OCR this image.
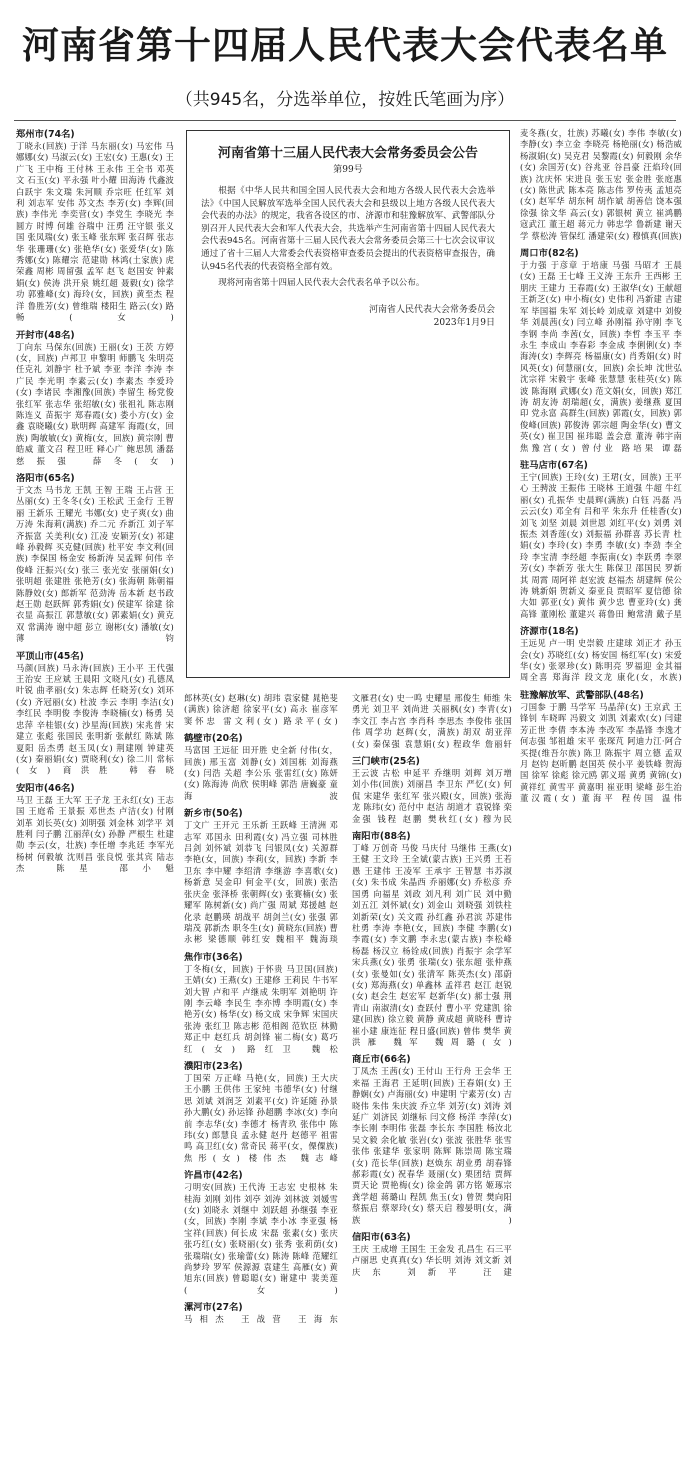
河南省第十四届人民代表大会代表名单
（共945名，分选举单位，按姓氏笔画为序）
郑州市(74名)
丁晓永(回族) 于洋 马东丽(女) 马宏伟 马娜娜(女) 马淑云(女) 王宏(女) 王惠(女) 王广飞 王中梅 王付林 王永伟 王全书 邓英文 石玉(女) 平永强 叶小耀 田海涛 代鑫波 白跃宇 朱文瑞 朱河顺 乔宗旺 任红军 刘利 刘志军 安伟 苏文杰 李芳(女) 李辉(回族) 李伟光 李奕营(女) 李党生 李晓光 李圆方 时博 何雄 谷瑞中 汪勇 汪守银 张义国 张凤瑞(女) 张玉峰 张东辉 张召辉 张志华 张珊珊(女) 张艳华(女) 张爱华(女) 陈秀娜(女) 陈耀宗 范建勋 林鸿(土家族) 虎荣鑫 周彬 周留强 孟军 赵飞 赵国安 钟素娟(女) 侯涛 洪开泉 姚红超 聂毅(女) 徐学功 郭雅峰(女) 海玲(女，回族) 黄至杰 程洋 鲁胜芳(女) 曾维瑞 楼阳生 路云(女) 路畅(女)
开封市(48名)
丁向东 马保东(回族) 王丽(女) 王茨 方婷(女，回族) 卢邦卫 申黎明 师鹏飞 朱明亮 任克礼 刘静宇 杜予斌 李亚 李洋 李涛 李广民 李光明 李素云(女) 李素杰 李爱玲(女) 李诸民 李湘豫(回族) 李留生 杨党俊 张红军 张志华 张绍敏(女) 张祖礼 陈志刚 陈连义 苗振宇 郑春霞(女) 娄小方(女) 金鑫 袁晓曦(女) 耿明辉 高建军 海霞(女，回族) 陶敏敏(女) 黄梅(女，回族) 黄宗刚 曹皓威 董文召 程卫旺 释心广 鲍思凯 潘磊 慈振强 薛冬(女)
洛阳市(65名)
于文杰 马书龙 王凯 王智 王瑞 王占营 王丛丽(女) 王冬冬(女) 王松武 王金行 王智丽 王新乐 王耀光 韦娜(女) 史子爽(女) 曲万涛 朱海莉(满族) 乔二元 乔新江 刘子军 齐振富 关美利(女) 江凌 安颖芳(女) 祁建峰 孙毅辉 买克健(回族) 杜平安 李文利(回族) 李保国 杨金安 杨新涛 吴孟辉 何伟 辛俊峰 汪振兴(女) 张三 张光安 张丽娟(女) 张明超 张建胜 张艳芳(女) 张海朝 陈朝福 陈静姣(女) 郎新军 范劲涛 岳本新 赵书政 赵王勋 赵跃辉 郭秀娟(女) 侯建军 徐建 徐衣显 高振江 郭慧敏(女) 郭素娟(女) 黄克双 常满涛 谢中超 彭立 谢彬(女) 潘敏(女) 薄钧
平顶山市(45名)
马颜(回族) 马永涛(回族) 王小平 王代强 王治安 王应斌 王晨阳 文晓凡(女) 孔德凤 叶锐 曲孝丽(女) 朱志辉 任晓芳(女) 刘环(女) 齐冠丽(女) 杜波 李云 李明 李洁(女) 李红民 李明俊 李俊涛 李晓楠(女) 杨勇 吴忠萍 辛桂银(女) 沙星海(回族) 宋兆普 宋建立 张彪 张国民 张明新 张献红 陈斌 陈夏阳 岳杰勇 赵玉凤(女) 荆建刚 钟建英(女) 秦丽娟(女) 贾晓利(女) 徐二川 常标(女) 商洪胜 韩春晓
安阳市(46名)
马卫 王磊 王大军 王子龙 王永红(女) 王志国 王庭希 王景振 邓世杰 卢洁(女) 付刚 刘革 刘长英(女) 刘明强 刘金林 刘学平 刘胜利 闫子鹏 江丽萍(女) 孙静 严根生 杜建勋 李云(女，壮族) 李任增 李兆廷 李军光 杨树 何毅敏 沈则昌 张良悦 张其宾 陆志杰 陈星 邵小魁
河南省第十三届人民代表大会常务委员会公告
第99号

根据《中华人民共和国全国人民代表大会和地方各级人民代表大会选举法》《中国人民解放军选举全国人民代表大会和县级以上地方各级人民代表大会代表的办法》的规定，我省各设区的市、济源市和驻豫解放军、武警部队分别召开人民代表大会和军人代表大会，共选举产生河南省第十四届人民代表大会代表945名。河南省第十三届人民代表大会常务委员会第三十七次会议审议通过了省十三届人大常委会代表资格审查委员会提出的代表资格审查报告，确认945名代表的代表资格全部有效。

现将河南省第十四届人民代表大会代表名单予以公布。

河南省人民代表大会常务委员会
2023年1月9日
郎林英(女) 赵琳(女) 胡玮 袁家健 晁艳斐(满族) 徐济超 徐家平(女) 高永 崔彦军 窦怀忠 雷文利(女) 路录平(女)
鹤壁市(20名)
马富国 王远征 田开胜 史全新 付伟(女，回族) 邢玉富 刘静(女) 刘国栋 刘海燕(女) 闫浩 关超 李公乐 张雷红(女) 陈妍(女) 陈海涛 尚欣 侯明峰 郭浩 唐巍豪 童海波
新乡市(50名)
丁文广 王开元 王乐新 王跃峰 王清洲 邓志军 邓国永 田利霞(女) 冯立强 司林胜 吕剑 刘怀斌 刘恭飞 闫银凤(女) 关源群 李艳(女，回族) 李莉(女，回族) 李新 李卫东 李中耀 李绍清 李继游 李喜歌(女) 杨新意 吴金印 何金平(女，回族) 张浩 张庆金 张泽桥 张朝辉(女) 张赛楠(女) 张耀军 陈树新(女) 尚广强 周斌 郑援越 赵化录 赵鹏瑛 胡战平 胡剑兰(女) 张强 郭瑞茂 郭新杰 职冬生(女) 黄晓东(回族) 曹永彬 梁德顺 韩红安 魏相平 魏海琰
焦作市(36名)
丁冬梅(女，回族) 于怀贵 马卫国(回族) 王婧(女) 王燕(女) 王建修 王莉民 牛书军 刘大智 卢和平 卢继成 朱明军 刘艳明 许刚 李云峰 李民生 李亦博 李明霞(女) 李艳芳(女) 杨华(女) 杨文成 宋争辉 宋国庆 张涛 张红卫 陈志彬 范相阁 范钦臣 林勤 郑正中 赵红兵 胡剑锋 崔二梅(女) 葛巧红(女) 路红卫 魏松
濮阳市(23名)
丁国荣 万正峰 马艳(女，回族) 王大庆 王小鹏 王供伟 王家纯 韦德华(女) 付继思 刘斌 刘润芝 刘素平(女) 许延随 孙景 孙大鹏(女) 孙运锋 孙超鹏 李冰(女) 李向前 李志华(女) 李德才 杨青玖 张伟中 陈玮(女) 郎慧良 孟永健 赵丹 赵德平 祖雷鸣 高卫红(女) 常奇民 蒋平(女，傈僳族) 焦彤(女) 楼伟杰 魏志峰
许昌市(42名)
刁明安(回族) 王代涛 王志宏 史根林 朱桂海 刘刚 刘伟 刘亭 刘涛 刘林波 刘媛雪(女) 刘晓永 刘继中 刘跃超 孙继强 李亚(女，回族) 李刚 李斌 李小冰 李亚强 杨宝祥(回族) 何长成 宋磊 张素(女) 张庆 张巧红(女) 张晓丽(女) 张秀 张莉荫(女) 张瑞瑞(女) 张瑜蕾(女) 陈涛 陈峰 范耀红 尚梦玲 罗军 侯源源 袁建生 高雁(女) 黄旭东(回族) 曾聪聪(女) 谢建中 裴美莲(女)
漯河市(27名)
马相杰 王战营 王海东
文雁君(女) 史一鸣 史耀星 邢俊生 师维 朱勇光 刘卫平 刘尚进 关丽枫(女) 李青(女) 李文江 李占宫 李肖科 李思杰 李俊伟 张国伟 周学功 赵辉(女，满族) 胡双 胡亚萍(女) 秦保强 袁慧娟(女) 程政华 詹丽轩
三门峡市(25名)
王云波 古松 申延平 乔继明 刘辉 刘万增 刘小伟(回族) 刘丽昌 李卫东 严忆(女) 何侃 宋建华 张红军 张兴殿(女，回族) 张海龙 陈玮(女) 范付中 赵洁 胡道才 袁锐锋 栾金强 钱程 赵鹏 樊秋红(女) 穆为民
南阳市(88名)
丁峰 万创奇 马俊 马庆付 马继伟 王燕(女) 王健 王文玲 王全斌(蒙古族) 王兴勇 王若愚 王建伟 王凌军 王承宇 王智慧 韦苏淑(女) 朱书成 朱晶西 乔丽娜(女) 乔松彦 乔国勇 向福星 刘政 刘凡利 刘广民 刘中勤 刘五江 刘怀斌(女) 刘金山 刘晓强 刘铁柱 刘新荣(女) 关文霞 孙红鑫 孙君滨 苏建伟 杜勇 李涛 李艳(女，回族) 李健 李鹏(女) 李霞(女) 李文鹏 李永忠(蒙古族) 李松峰 杨磊 杨汉立 杨铨成(回族) 肖振宇 余学军 宋兵燕(女) 张勇 张瑞(女) 张东超 张仲燕(女) 张曼如(女) 张清军 陈英杰(女) 邵蔚(女) 郑海燕(女) 单鑫林 孟祥君 赵江 赵锐(女) 赵会生 赵宏军 赵新华(女) 郝士强 荆青山 南淑清(女) 查跃付 曹小平 党建凯 徐建(回族) 徐立毅 黄静 黄成超 黄晓科 曹诗 崔小建 康连征 程日盛(回族) 曾伟 樊华 黄洪雁 魏军 魏周璐(女)
商丘市(66名)
丁凤杰 王茜(女) 王付山 王行舟 王会华 王来福 王海君 王延明(回族) 王春娟(女) 王静娴(女) 卢海丽(女) 申建明 宁素芳(女) 吉晓伟 朱伟 朱庆波 乔立华 刘芳(女) 刘涛 刘延广 刘济民 刘继标 闫文修 杨洋 李萍(女) 李长刚 李明伟 张磊 李长东 李国胜 杨汝北 吴文毅 余化敏 张岩(女) 张波 张胜华 张雪 张伟 张建华 张家明 陈辉 陈崇周 陈宝瑞(女) 范长华(回族) 赵焕东 胡业勇 胡春锋 郝彩霞(女) 祝春华 聂丽(女) 栗团结 贾辉 贾天论 贾艳梅(女) 徐金鸽 郭方铭 姬琢宗 龚学超 蒋璐山 程凯 焦玉(女) 曾贺 樊向阳 蔡振启 蔡翠玲(女) 蔡天启 穆晏明(女，满族)
信阳市(63名)
王庆 王成增 王国生 王金发 孔昌生 石三平 卢丽思 史真真(女) 华长明 刘涛 刘文新 刘庆东 刘新平 汪建
麦冬燕(女，壮族) 苏曦(女) 李伟 李敏(女) 李静(女) 李立金 李晓亮 杨艳丽(女) 杨浩威 杨淑娟(女) 吴克君 吴黎霞(女) 何毅刚 余华(女) 余国芳(女) 谷兆亚 谷昌豪 汪焰玲(回族) 沈庆怀 宋进良 张玉宏 张金胜 张庭惠(女) 陈世武 陈本亮 陈志伟 罗传夷 孟旭亮(女) 赵军华 胡东柯 胡作斌 胡善信 饶本强 徐强 徐文华 高云(女) 郭银树 黄立 崔鸿鹏 寇武江 董王超 蒋元力 韩忠学 鲁新建 谢天学 蔡松涛 管保红 潘建荣(女) 穆慎真(回族)
周口市(82名)
于力强 于彦章 于培康 马强 马昭才 王晨(女) 王磊 王七峰 王义涛 王东升 王西彬 王朋庆 王建力 王春霞(女) 王淑华(女) 王献超 王新芝(女) 申小梅(女) 史伟利 冯新建 吉建军 毕国福 朱军 刘长岭 刘成章 刘建中 刘俊华 刘晨茜(女) 闫立峰 孙刚福 孙守刚 李飞 李钢 李尚 李茜(女，回族) 李哲 李玉平 李永生 李成山 李春彩 李金成 李俐俐(女) 李海涛(女) 李辉亮 杨福康(女) 肖秀娟(女) 时风英(女) 何慧丽(女，回族) 余长坤 沈世弘 沈宗祥 宋毅宇 张峰 张慧慧 张桂英(女) 陈波 陈海刚 武娜(女) 范文娟(女，回族) 郑江涛 胡友涛 胡瑞超(女，满族) 姜继燕 夏国印 党永富 高群生(回族) 郭霞(女，回族) 郭俊峰(回族) 郭俊涛 郭宗超 陶金华(女) 曹文英(女) 崔卫国 崔玮聪 盖会意 董涛 韩宇南 焦豫宫(女) 曾付业 路培果 谭磊
驻马店市(67名)
王宁(回族) 王玲(女) 王珺(女，回族) 王平心 王骋波 王振伟 王晓林 王道强 牛超 牛红丽(女) 孔振华 史晨辉(满族) 白钰 冯磊 冯云云(女) 邓全有 吕和平 朱东升 任桂香(女) 刘飞 刘坚 刘晨 刘世恩 刘红平(女) 刘勇 刘振杰 刘香莲(女) 刘振福 孙群喜 苏长青 杜娟(女) 李玲(女) 李勇 李敏(女) 李劲 李全玲 李宝清 李经超 李振南(女) 李跃勇 李翠芳(女) 李新芳 张大生 陈保卫 邵国民 罗新其 周霄 周阿祥 赵宏波 赵福杰 胡建辉 侯公涛 姚新娟 贺新义 秦亚良 贾昭军 夏信德 徐大如 郭亚(女) 黄伟 黄少忠 曹亚玲(女) 龚高锋 董刚松 董建兴 蒋鲁田 鲍常清 戴子星
济源市(18名)
王远见 卢一明 史崇毅 庄建球 刘正才 孙玉会(女) 苏晓红(女) 杨安国 杨红军(女) 宋爱华(女) 张翠珍(女) 陈明亮 罗福迎 金其福 周全喜 郑海洋 段文龙 康化(女，水族)
驻豫解放军、武警部队(48名)
刁国参 于鹏 马学军 马晶萍(女) 王京武 王锋钊 车晓晖 冯毅文 刘凯 刘素欢(女) 闫建 芳正世 李倩 李本涛 李改军 李晶锋 李逸才 何志强 邹祖雄 宋平 张琛芃 阿迪力江·阿合买提(维吾尔族) 陈卫 陈振宇 周立德 孟双月 赵钧 赵昕鹏 赵国英 侯小平 姜铁峰 贺海国 徐军 徐彪 徐元鸥 郭义瑶 黄勇 黄锦(女) 黄祥红 黄雪平 黄嘉明 崔亚明 梁峰 彭生治 董汉霞(女) 董海平 程传国 温伟
